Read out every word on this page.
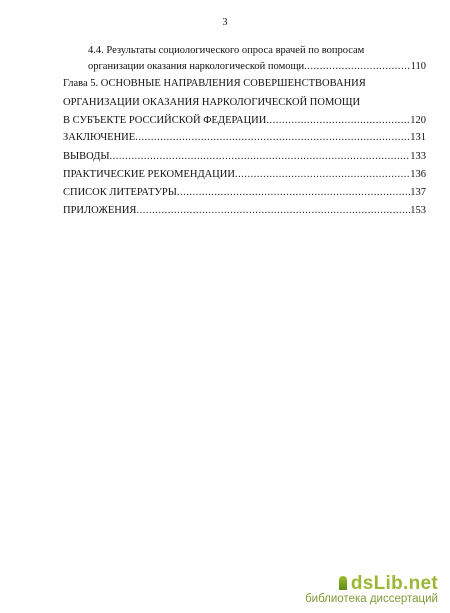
3
4.4. Результаты социологического опроса врачей по вопросам
организации оказания наркологической помощи .....	110
Глава 5. ОСНОВНЫЕ НАПРАВЛЕНИЯ СОВЕРШЕНСТВОВАНИЯ
ОРГАНИЗАЦИИ ОКАЗАНИЯ НАРКОЛОГИЧЕСКОЙ ПОМОЩИ
В СУБЪЕКТЕ РОССИЙСКОЙ ФЕДЕРАЦИИ .....	120
ЗАКЛЮЧЕНИЕ .....	131
ВЫВОДЫ .....	133
ПРАКТИЧЕСКИЕ РЕКОМЕНДАЦИИ .....	136
СПИСОК ЛИТЕРАТУРЫ .....	137
ПРИЛОЖЕНИЯ .....	153
dsLib.net
библиотека диссертаций
